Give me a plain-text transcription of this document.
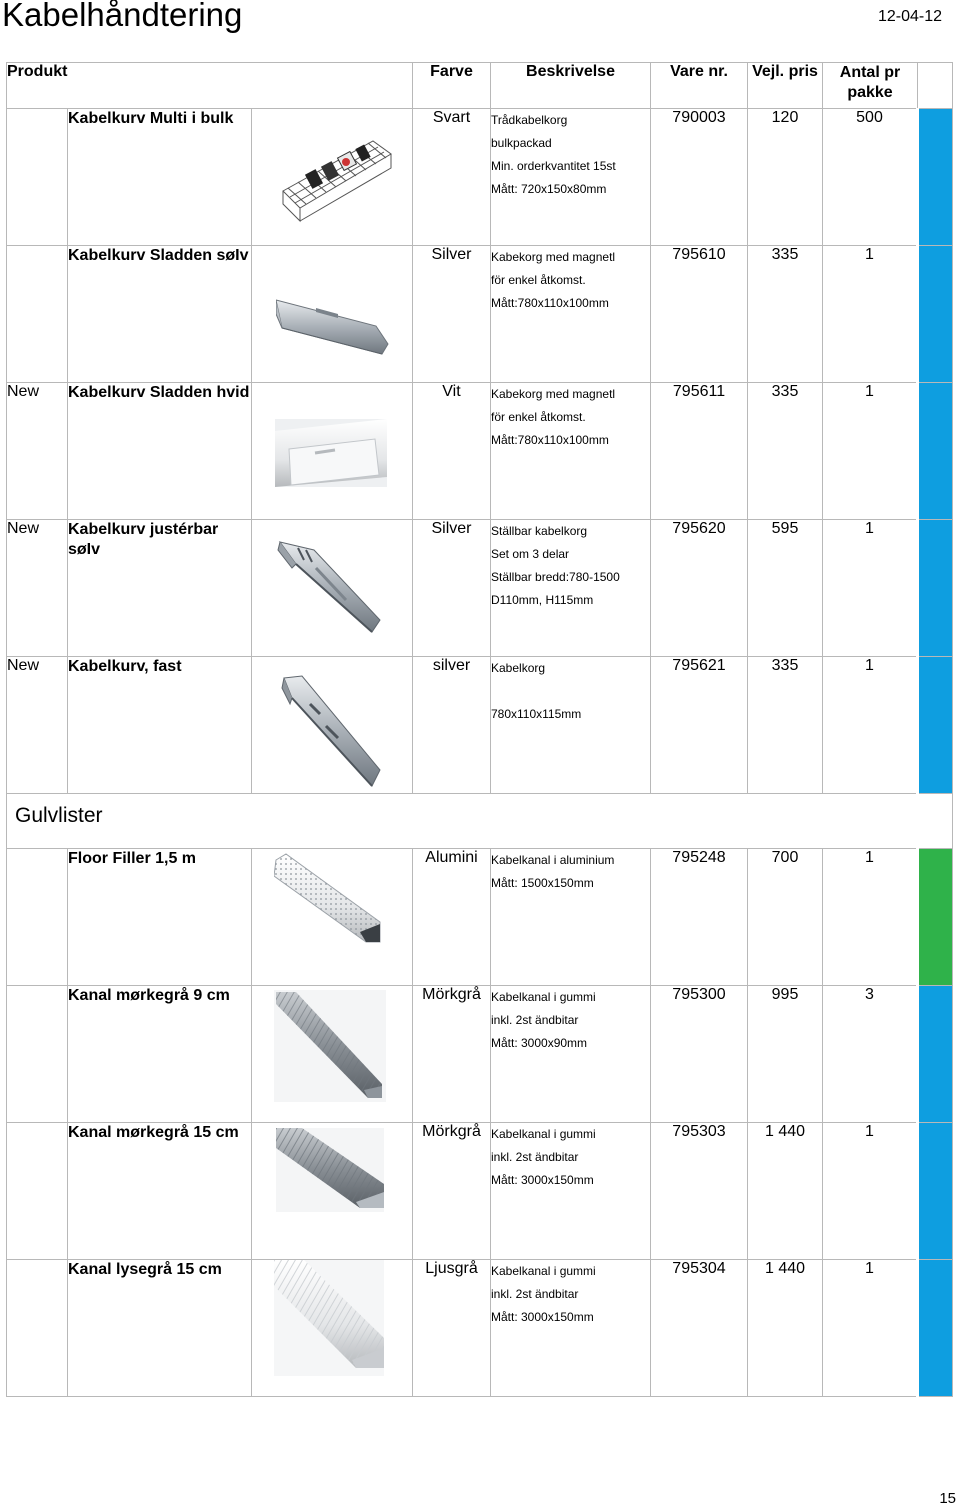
Kabelhåndtering	12-04-12
Produkt			Farve	Beskrivelse	Vare nr.	Vejl. pris	Antal pr
pakke	
	Kabelkurv Multi i bulk		Svart	Trådkabelkorg
bulkpackad
Min. orderkvantitet 15st
Mått: 720x150x80mm	790003	120	500	
	Kabelkurv Sladden søIv		Silver	Kabekorg med magnetl
för enkel åtkomst.
Mått:780x110x100mm	795610	335	1	
New	Kabelkurv Sladden hvid		Vit	Kabekorg med magnetl
för enkel åtkomst.
Mått:780x110x100mm	795611	335	1	
New	Kabelkurv justérbar søIv		Silver	Ställbar kabelkorg
Set om 3 delar
Ställbar bredd:780-1500
D110mm, H115mm	795620	595	1	
New	Kabelkurv, fast		silver	Kabelkorg

780x110x115mm	795621	335	1	
Gulvlister								
	Floor Filler 1,5 m		Alumini	Kabelkanal i aluminium
Mått: 1500x150mm	795248	700	1	
	Kanal mørkegrå 9 cm		Mörkgrå	Kabelkanal i gummi
inkl. 2st ändbitar
Mått: 3000x90mm	795300	995	3	
	Kanal mørkegrå 15 cm		Mörkgrå	Kabelkanal i gummi
inkl. 2st ändbitar
Mått: 3000x150mm	795303	1 440	1	
	Kanal lysegrå 15 cm		Ljusgrå	Kabelkanal i gummi
inkl. 2st ändbitar
Mått: 3000x150mm	795304	1 440	1	
15
